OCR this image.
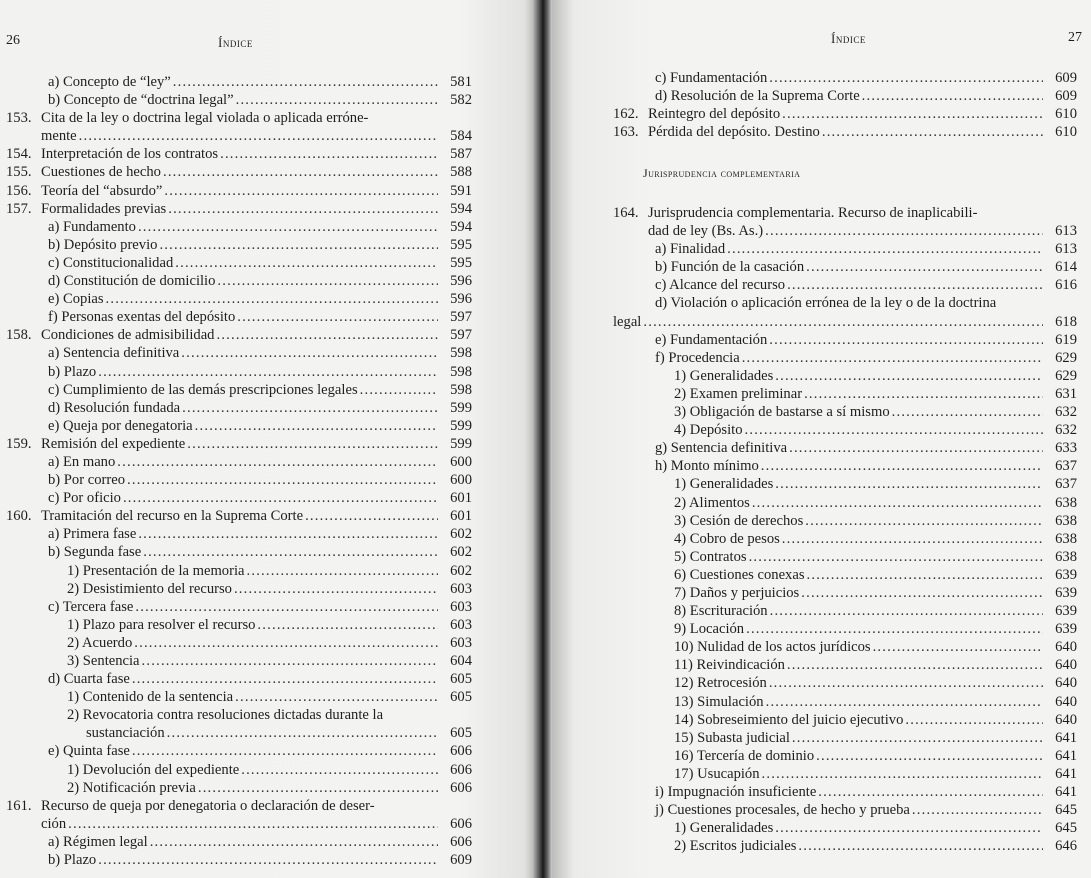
26	Índice
a) Concepto de “ley” .....	581
b) Concepto de “doctrina legal” .....	582
153. Cita de la ley o doctrina legal violada o aplicada erróne-
mente .....	584
154. Interpretación de los contratos .....	587
155. Cuestiones de hecho .....	588
156. Teoría del “absurdo” .....	591
157. Formalidades previas .....	594
a) Fundamento .....	594
b) Depósito previo .....	595
c) Constitucionalidad .....	595
d) Constitución de domicilio .....	596
e) Copias .....	596
f) Personas exentas del depósito .....	597
158. Condiciones de admisibilidad .....	597
a) Sentencia definitiva .....	598
b) Plazo .....	598
c) Cumplimiento de las demás prescripciones legales .....	598
d) Resolución fundada .....	599
e) Queja por denegatoria .....	599
159. Remisión del expediente .....	599
a) En mano .....	600
b) Por correo .....	600
c) Por oficio .....	601
160. Tramitación del recurso en la Suprema Corte .....	601
a) Primera fase .....	602
b) Segunda fase .....	602
1) Presentación de la memoria .....	602
2) Desistimiento del recurso .....	603
c) Tercera fase .....	603
1) Plazo para resolver el recurso .....	603
2) Acuerdo .....	603
3) Sentencia .....	604
d) Cuarta fase .....	605
1) Contenido de la sentencia .....	605
2) Revocatoria contra resoluciones dictadas durante la
sustanciación .....	605
e) Quinta fase .....	606
1) Devolución del expediente .....	606
2) Notificación previa .....	606
161. Recurso de queja por denegatoria o declaración de deser-
ción .....	606
a) Régimen legal .....	606
b) Plazo .....	609
Índice	27
c) Fundamentación .....	609
d) Resolución de la Suprema Corte .....	609
162. Reintegro del depósito .....	610
163. Pérdida del depósito. Destino .....	610
Jurisprudencia complementaria
164. Jurisprudencia complementaria. Recurso de inaplicabili-
dad de ley (Bs. As.) .....	613
a) Finalidad .....	613
b) Función de la casación .....	614
c) Alcance del recurso .....	616
d) Violación o aplicación errónea de la ley o de la doctrina
legal .....	618
e) Fundamentación .....	619
f) Procedencia .....	629
1) Generalidades .....	629
2) Examen preliminar .....	631
3) Obligación de bastarse a sí mismo .....	632
4) Depósito .....	632
g) Sentencia definitiva .....	633
h) Monto mínimo .....	637
1) Generalidades .....	637
2) Alimentos .....	638
3) Cesión de derechos .....	638
4) Cobro de pesos .....	638
5) Contratos .....	638
6) Cuestiones conexas .....	639
7) Daños y perjuicios .....	639
8) Escrituración .....	639
9) Locación .....	639
10) Nulidad de los actos jurídicos .....	640
11) Reivindicación .....	640
12) Retrocesión .....	640
13) Simulación .....	640
14) Sobreseimiento del juicio ejecutivo .....	640
15) Subasta judicial .....	641
16) Tercería de dominio .....	641
17) Usucapión .....	641
i) Impugnación insuficiente .....	641
j) Cuestiones procesales, de hecho y prueba .....	645
1) Generalidades .....	645
2) Escritos judiciales .....	646
